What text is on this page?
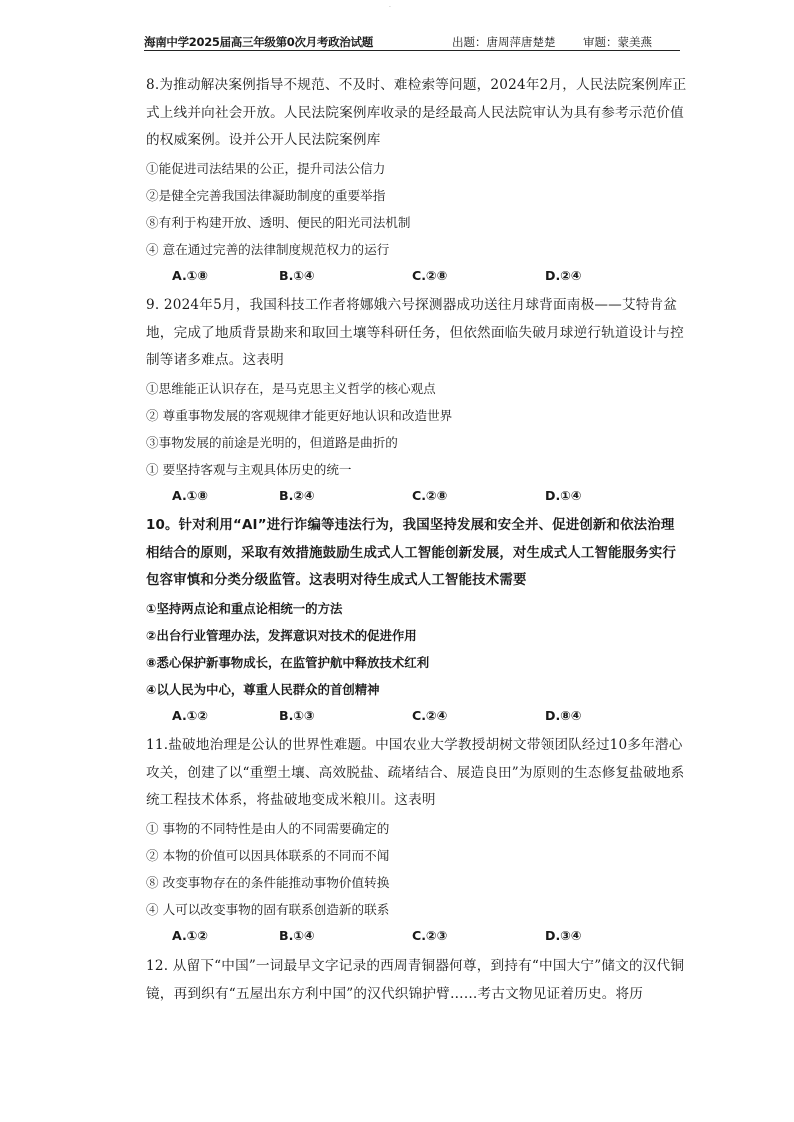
·
海南中学2025届高三年级第0次月考政治试题	出题：唐周萍唐楚楚 审题：蒙美燕
8.为推动解决案例指导不规范、不及时、难检索等问题，2024年2月，人民法院案例库正式上线并向社会开放。人民法院案例库收录的是经最高人民法院审认为具有参考示范价值的权威案例。设并公开人民法院案例库
①能促进司法结果的公正，提升司法公信力
②是健全完善我国法律凝助制度的重要举指
⑧有利于构建开放、透明、便民的阳光司法机制
④ 意在通过完善的法律制度规范权力的运行
A.①⑧	B.①④	C.②⑧	D.②④
9. 2024年5月，我国科技工作者将娜娥六号探测器成功送往月球背面南极——艾特肯盆地，完成了地质背景勘来和取回土壤等科研任务，但依然面临失破月球逆行轨道设计与控制等诸多难点。这表明
①思维能正认识存在，是马克思主义哲学的核心观点
② 尊重事物发展的客观规律才能更好地认识和改造世界
③事物发展的前途是光明的，但道路是曲折的
① 要坚持客观与主观具体历史的统一
A.①⑧	B.②④	C.②⑧	D.①④
10。针对利用“AI”进行诈编等违法行为，我国坚持发展和安全并、促进创新和依法治理相结合的原则，采取有效措施鼓励生成式人工智能创新发展，对生成式人工智能服务实行包容审慎和分类分级监管。这表明对待生成式人工智能技术需要
①坚持两点论和重点论相统一的方法
②出台行业管理办法，发挥意识对技术的促进作用
⑧悉心保护新事物成长，在监管护航中释放技术红利
④以人民为中心，尊重人民群众的首创精神
A.①②	B.①③	C.②④	D.⑧④
11.盐破地治理是公认的世界性难题。中国农业大学教授胡树文带领团队经过10多年潜心攻关，创建了以“重塑土壤、高效脱盐、疏堵结合、展造良田”为原则的生态修复盐破地系统工程技术体系，将盐破地变成米粮川。这表明
① 事物的不同特性是由人的不同需要确定的
② 本物的价值可以因具体联系的不同而不闻
⑧ 改变事物存在的条件能推动事物价值转换
④ 人可以改变事物的固有联系创造新的联系
A.①②	B.①④	C.②③	D.③④
12. 从留下“中国”一词最早文字记录的西周青铜器何尊，到持有“中国大宁”储文的汉代铜镜，再到织有“五屋出东方利中国”的汉代织锦护臂……考古文物见证着历史。将历
